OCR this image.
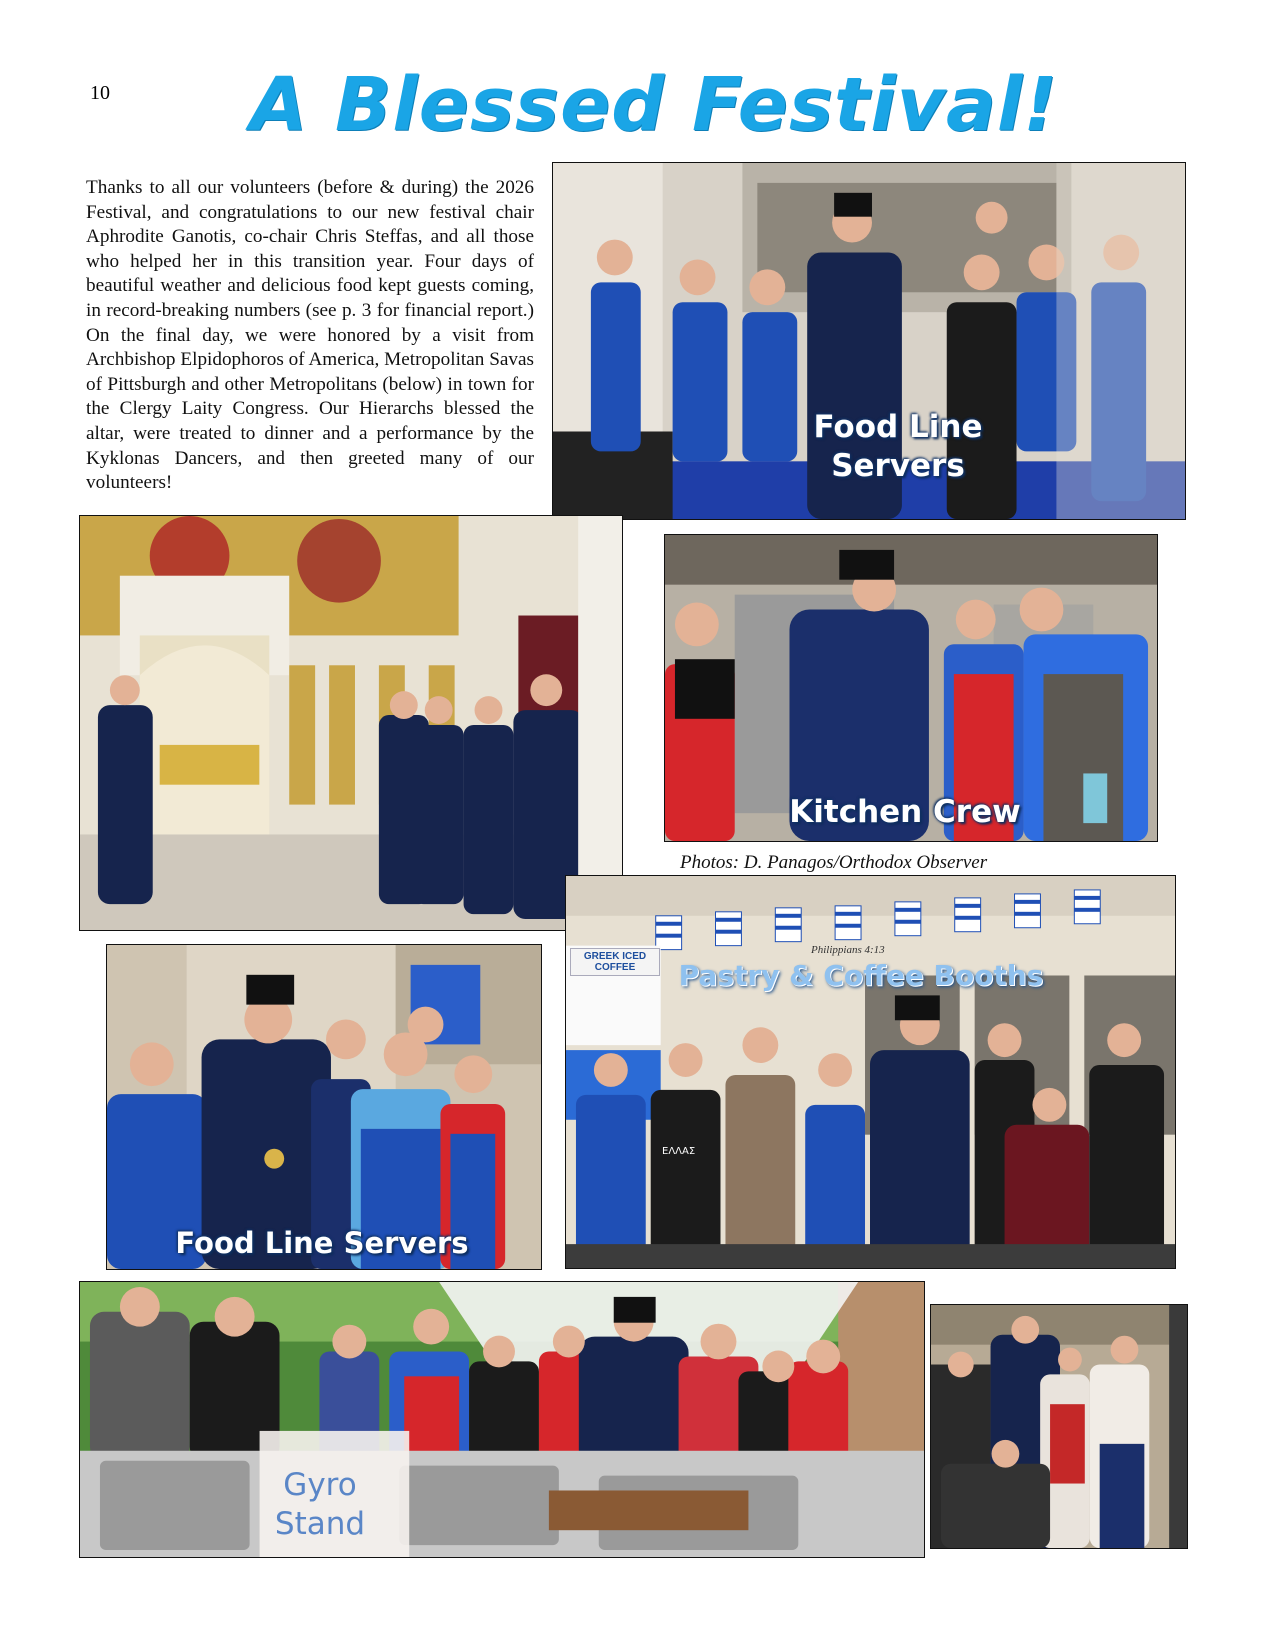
10 A Blessed Festival!
Thanks to all our volunteers (before & during) the 2026 Festival, and congratulations to our new festival chair Aphrodite Ganotis, co-chair Chris Steffas, and all those who helped her in this transition year. Four days of beautiful weather and delicious food kept guests coming, in record-breaking numbers (see p. 3 for financial report.) On the final day, we were honored by a visit from Archbishop Elpidophoros of America, Metropolitan Savas of Pittsburgh and other Metropolitans (below) in town for the Clergy Laity Congress. Our Hierarchs blessed the altar, were treated to dinner and a performance by the Kyklonas Dancers, and then greeted many of our volunteers!
Food Line
Servers
Kitchen Crew
Photos: D. Panagos/Orthodox Observer
GREEK ICED COFFEE
Philippians 4:13
ΕΛΛΑΣ
Pastry & Coffee Booths
Food Line Servers
Gyro
Stand
